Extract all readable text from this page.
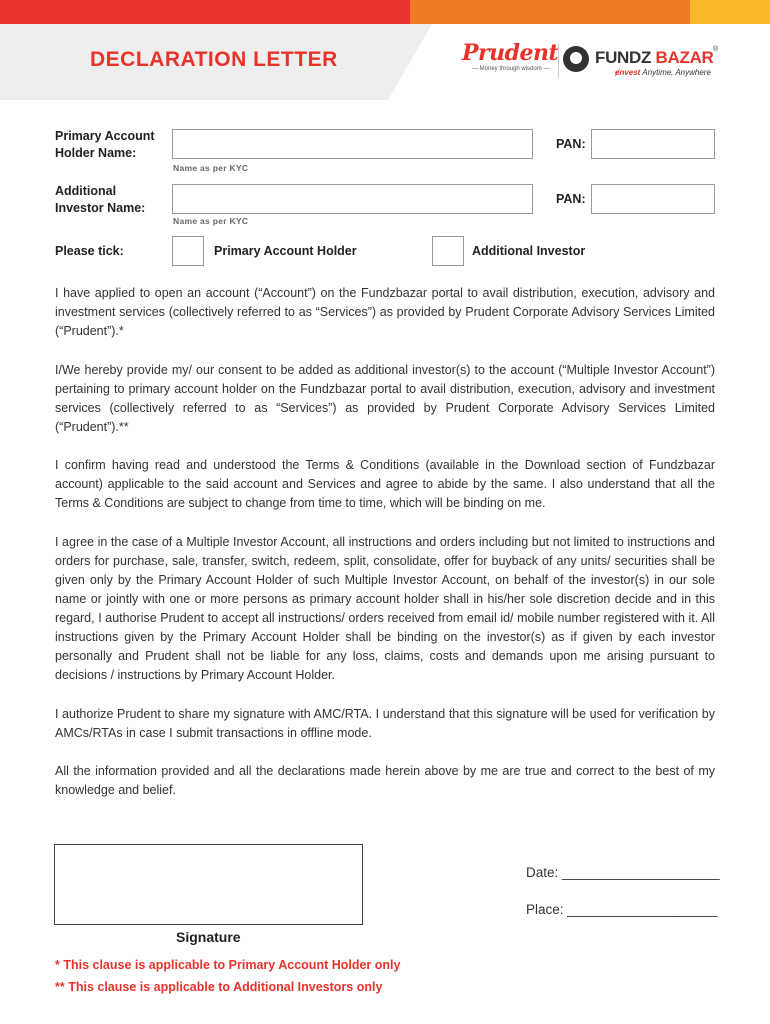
DECLARATION LETTER	Prudent
— Money through wisdom —
FUNDZ BAZAR ®
ɇnvest Anytime, Anywhere
Primary Account
Holder Name:
Name as per KYC
PAN:
Additional
Investor Name:
Name as per KYC
PAN:
Please tick:	Primary Account Holder	Additional Investor
I have applied to open an account (“Account”) on the Fundzbazar portal to avail distribution, execution, advisory and investment services (collectively referred to as “Services”) as provided by Prudent Corporate Advisory Services Limited (“Prudent”).*
I/We hereby provide my/ our consent to be added as additional investor(s) to the account (“Multiple Investor Account”) pertaining to primary account holder on the Fundzbazar portal to avail distribution, execution, advisory and investment services (collectively referred to as “Services”) as provided by Prudent Corporate Advisory Services Limited (“Prudent”).**
I confirm having read and understood the Terms & Conditions (available in the Download section of Fundzbazar account) applicable to the said account and Services and agree to abide by the same. I also understand that all the Terms & Conditions are subject to change from time to time, which will be binding on me.
I agree in the case of a Multiple Investor Account, all instructions and orders including but not limited to instructions and orders for purchase, sale, transfer, switch, redeem, split, consolidate, offer for buyback of any units/ securities shall be given only by the Primary Account Holder of such Multiple Investor Account, on behalf of the investor(s) in our sole name or jointly with one or more persons as primary account holder shall in his/her sole discretion decide and in this regard, I authorise Prudent to accept all instructions/ orders received from email id/ mobile number registered with it. All instructions given by the Primary Account Holder shall be binding on the investor(s) as if given by each investor personally and Prudent shall not be liable for any loss, claims, costs and demands upon me arising pursuant to decisions / instructions by Primary Account Holder.
I authorize Prudent to share my signature with AMC/RTA. I understand that this signature will be used for verification by AMCs/RTAs in case I submit transactions in offline mode.
All the information provided and all the declarations made herein above by me are true and correct to the best of my knowledge and belief.
Signature
Date: _____________________
Place: ____________________
* This clause is applicable to Primary Account Holder only
** This clause is applicable to Additional Investors only
